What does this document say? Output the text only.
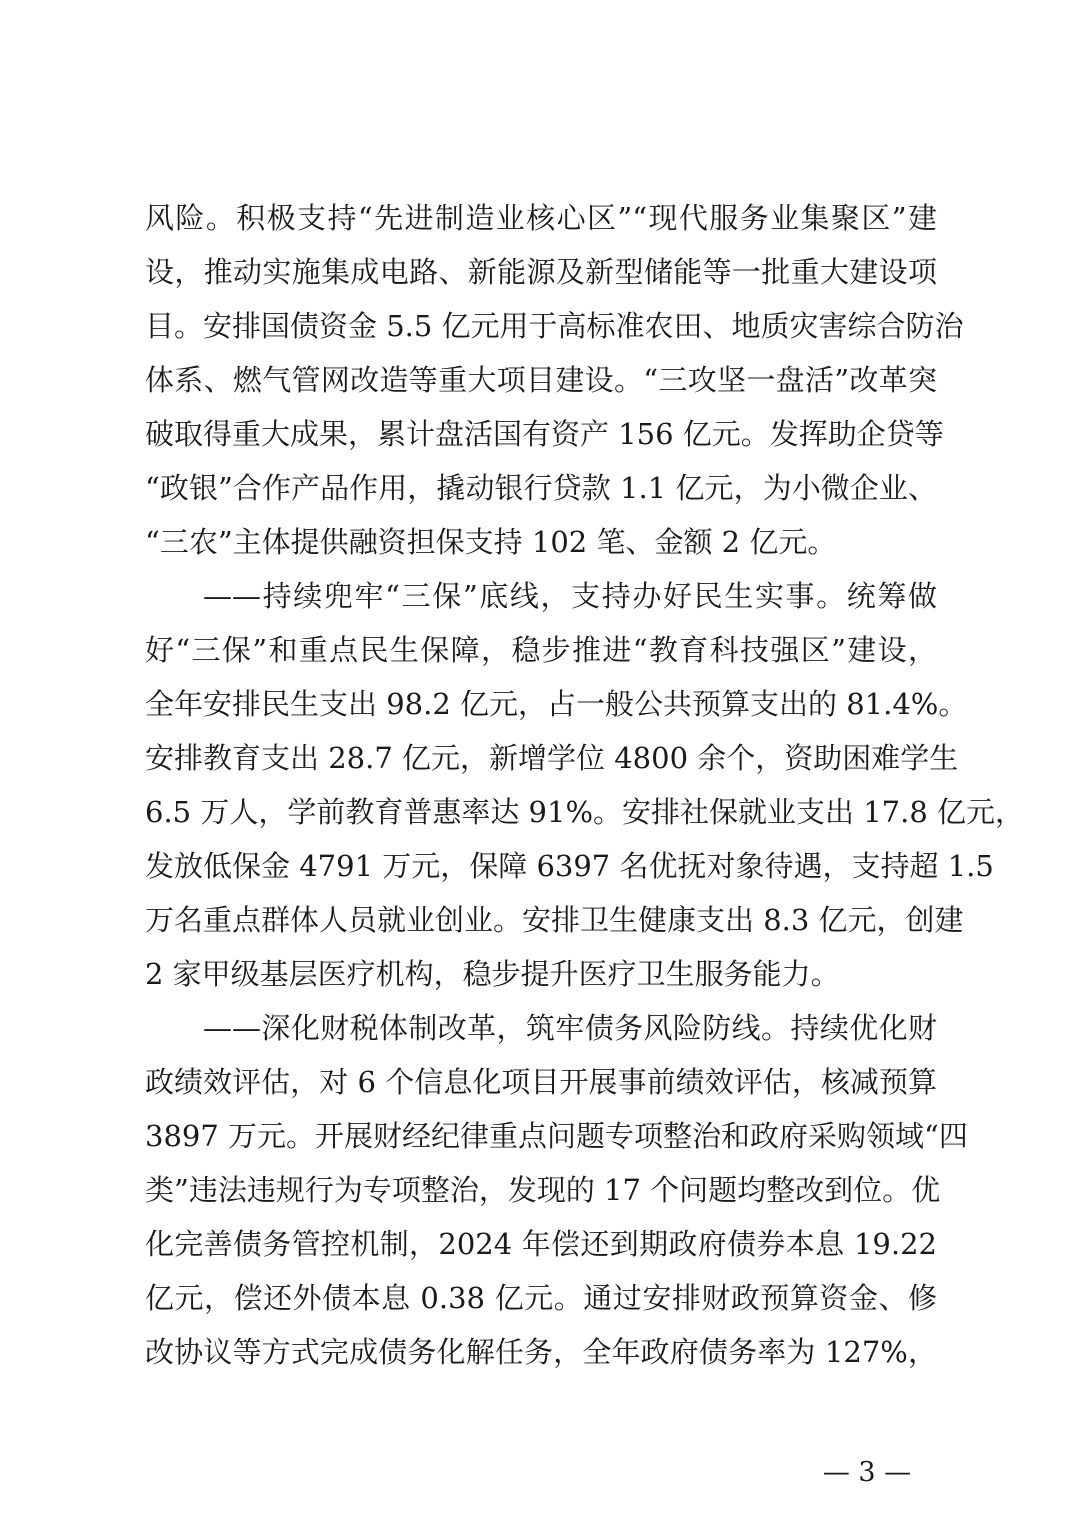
风险。积极支持“先进制造业核心区”“现代服务业集聚区”建
设，推动实施集成电路、新能源及新型储能等一批重大建设项
目。安排国债资金 5.5 亿元用于高标准农田、地质灾害综合防治
体系、燃气管网改造等重大项目建设。“三攻坚一盘活”改革突
破取得重大成果，累计盘活国有资产 156 亿元。发挥助企贷等
“政银”合作产品作用，撬动银行贷款 1.1 亿元，为小微企业、
“三农”主体提供融资担保支持 102 笔、金额 2 亿元。
——持续兜牢“三保”底线，支持办好民生实事。统筹做
好“三保”和重点民生保障，稳步推进“教育科技强区”建设，
全年安排民生支出 98.2 亿元，占一般公共预算支出的 81.4%。
安排教育支出 28.7 亿元，新增学位 4800 余个，资助困难学生
6.5 万人，学前教育普惠率达 91%。安排社保就业支出 17.8 亿元，
发放低保金 4791 万元，保障 6397 名优抚对象待遇，支持超 1.5
万名重点群体人员就业创业。安排卫生健康支出 8.3 亿元，创建
2 家甲级基层医疗机构，稳步提升医疗卫生服务能力。
——深化财税体制改革，筑牢债务风险防线。持续优化财
政绩效评估，对 6 个信息化项目开展事前绩效评估，核减预算
3897 万元。开展财经纪律重点问题专项整治和政府采购领域“四
类”违法违规行为专项整治，发现的 17 个问题均整改到位。优
化完善债务管控机制，2024 年偿还到期政府债券本息 19.22
亿元，偿还外债本息 0.38 亿元。通过安排财政预算资金、修
改协议等方式完成债务化解任务，全年政府债务率为 127%，
— 3 —
